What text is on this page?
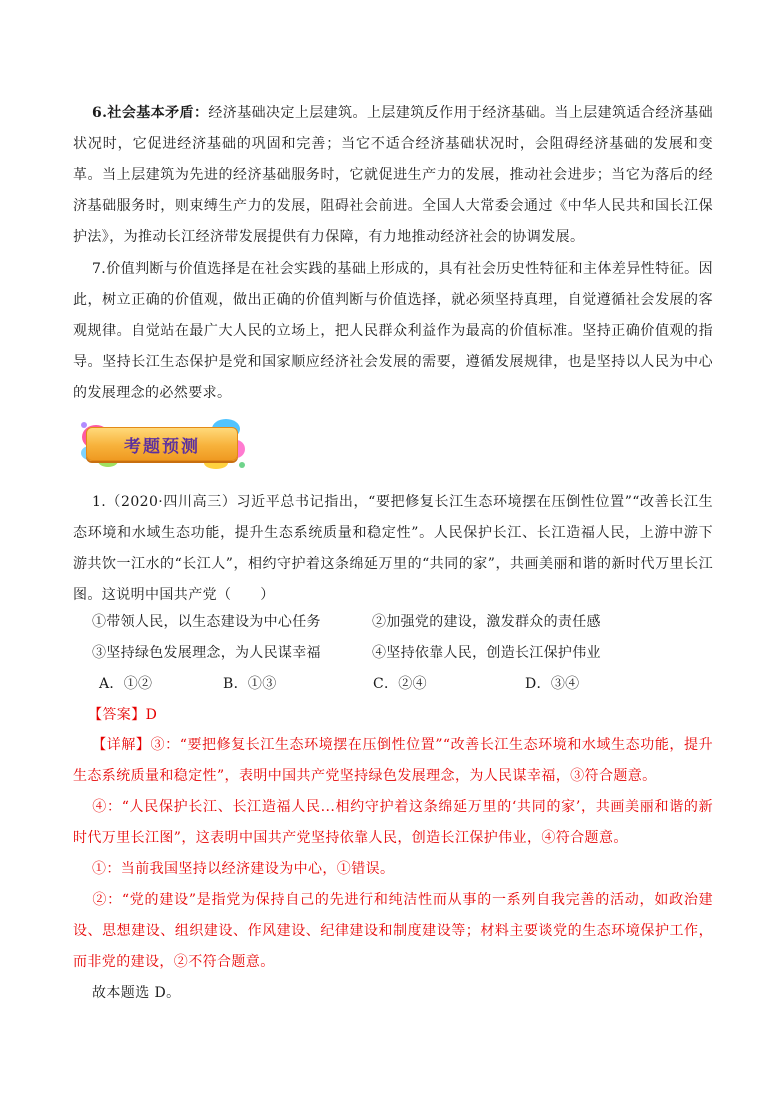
6.社会基本矛盾：经济基础决定上层建筑。上层建筑反作用于经济基础。当上层建筑适合经济基础状况时，它促进经济基础的巩固和完善；当它不适合经济基础状况时，会阻碍经济基础的发展和变革。当上层建筑为先进的经济基础服务时，它就促进生产力的发展，推动社会进步；当它为落后的经济基础服务时，则束缚生产力的发展，阻碍社会前进。全国人大常委会通过《中华人民共和国长江保护法》，为推动长江经济带发展提供有力保障，有力地推动经济社会的协调发展。
7.价值判断与价值选择是在社会实践的基础上形成的，具有社会历史性特征和主体差异性特征。因此，树立正确的价值观，做出正确的价值判断与价值选择，就必须坚持真理，自觉遵循社会发展的客观规律。自觉站在最广大人民的立场上，把人民群众利益作为最高的价值标准。坚持正确价值观的指导。坚持长江生态保护是党和国家顺应经济社会发展的需要，遵循发展规律，也是坚持以人民为中心的发展理念的必然要求。
考题预测
1.（2020·四川高三）习近平总书记指出，“要把修复长江生态环境摆在压倒性位置”“改善长江生态环境和水域生态功能，提升生态系统质量和稳定性”。人民保护长江、长江造福人民，上游中游下游共饮一江水的“长江人”，相约守护着这条绵延万里的“共同的家”，共画美丽和谐的新时代万里长江图。这说明中国共产党（　　）
①带领人民，以生态建设为中心任务	②加强党的建设，激发群众的责任感
③坚持绿色发展理念，为人民谋幸福	④坚持依靠人民，创造长江保护伟业
A．①②	B．①③	C．②④	D．③④
【答案】D
【详解】③：“要把修复长江生态环境摆在压倒性位置”“改善长江生态环境和水域生态功能，提升生态系统质量和稳定性”，表明中国共产党坚持绿色发展理念，为人民谋幸福，③符合题意。
④：“人民保护长江、长江造福人民...相约守护着这条绵延万里的‘共同的家’，共画美丽和谐的新时代万里长江图”，这表明中国共产党坚持依靠人民，创造长江保护伟业，④符合题意。
①：当前我国坚持以经济建设为中心，①错误。
②：“党的建设”是指党为保持自己的先进行和纯洁性而从事的一系列自我完善的活动，如政治建设、思想建设、组织建设、作风建设、纪律建设和制度建设等；材料主要谈党的生态环境保护工作，而非党的建设，②不符合题意。
故本题选 D。
